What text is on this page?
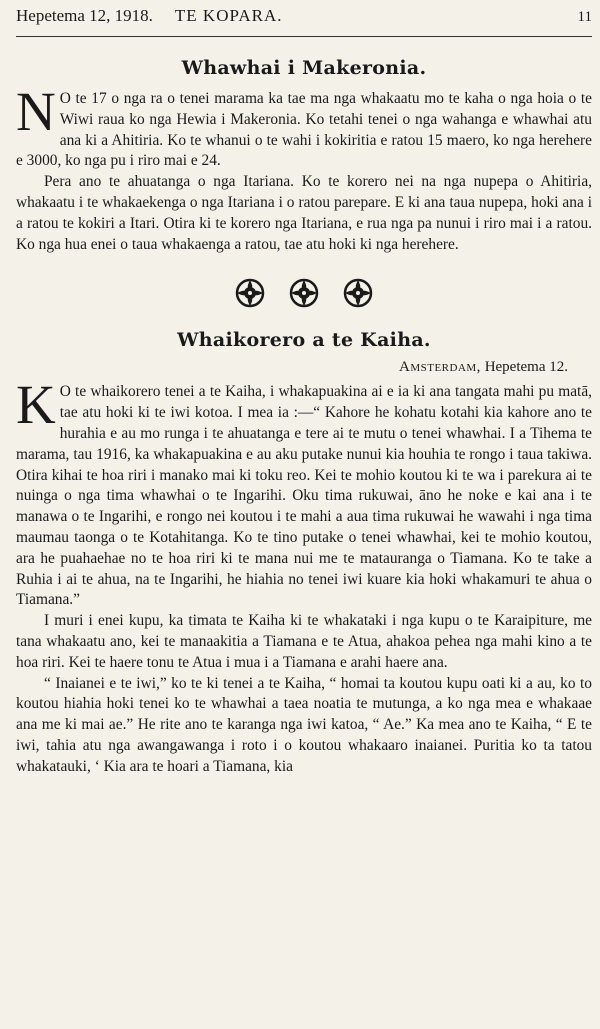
Hepetema 12, 1918. TE KOPARA.	11
Whawhai i Makeronia.

N O te 17 o nga ra o tenei marama ka tae ma nga whakaatu mo te kaha o nga hoia o te Wiwi raua ko nga Hewia i Makeronia. Ko tetahi tenei o nga wahanga e whawhai atu ana ki a Ahitiria. Ko te whanui o te wahi i kokiritia e ratou 15 maero, ko nga herehere e 3000, ko nga pu i riro mai e 24.

Pera ano te ahuatanga o nga Itariana. Ko te korero nei na nga nupepa o Ahitiria, whakaatu i te whakaekenga o nga Itariana i o ratou parepare. E ki ana taua nupepa, hoki ana i a ratou te kokiri a Itari. Otira ki te korero nga Itariana, e rua nga pa nunui i riro mai i a ratou. Ko nga hua enei o taua whakaenga a ratou, tae atu hoki ki nga herehere.

Whaikorero a te Kaiha.
Amsterdam, Hepetema 12.

K O te whaikorero tenei a te Kaiha, i whakapuakina ai e ia ki ana tangata mahi pu matā, tae atu hoki ki te iwi kotoa. I mea ia :—“ Kahore he kohatu kotahi kia kahore ano te hurahia e au mo runga i te ahuatanga e tere ai te mutu o tenei whawhai. I a Tihema te marama, tau 1916, ka whakapuakina e au aku putake nunui kia houhia te rongo i taua takiwa. Otira kihai te hoa riri i manako mai ki toku reo. Kei te mohio koutou ki te wa i parekura ai te nuinga o nga tima whawhai o te Ingarihi. Oku tima rukuwai, āno he noke e kai ana i te manawa o te Ingarihi, e rongo nei koutou i te mahi a aua tima rukuwai he wawahi i nga tima maumau taonga o te Kotahitanga. Ko te tino putake o tenei whawhai, kei te mohio koutou, ara he puahaehae no te hoa riri ki te mana nui me te matauranga o Tiamana. Ko te take a Ruhia i ai te ahua, na te Ingarihi, he hiahia no tenei iwi kuare kia hoki whakamuri te ahua o Tiamana.”

I muri i enei kupu, ka timata te Kaiha ki te whakataki i nga kupu o te Karaipiture, me tana whakaatu ano, kei te manaakitia a Tiamana e te Atua, ahakoa pehea nga mahi kino a te hoa riri. Kei te haere tonu te Atua i mua i a Tiamana e arahi haere ana.

“ Inaianei e te iwi,” ko te ki tenei a te Kaiha, “ homai ta koutou kupu oati ki a au, ko to koutou hiahia hoki tenei ko te whawhai a taea noatia te mutunga, a ko nga mea e whakaae ana me ki mai ae.” He rite ano te karanga nga iwi katoa, “ Ae.” Ka mea ano te Kaiha, “ E te iwi, tahia atu nga awangawanga i roto i o koutou whakaaro inaianei. Puritia ko ta tatou whakatauki, ‘ Kia ara te hoari a Tiamana, kia
